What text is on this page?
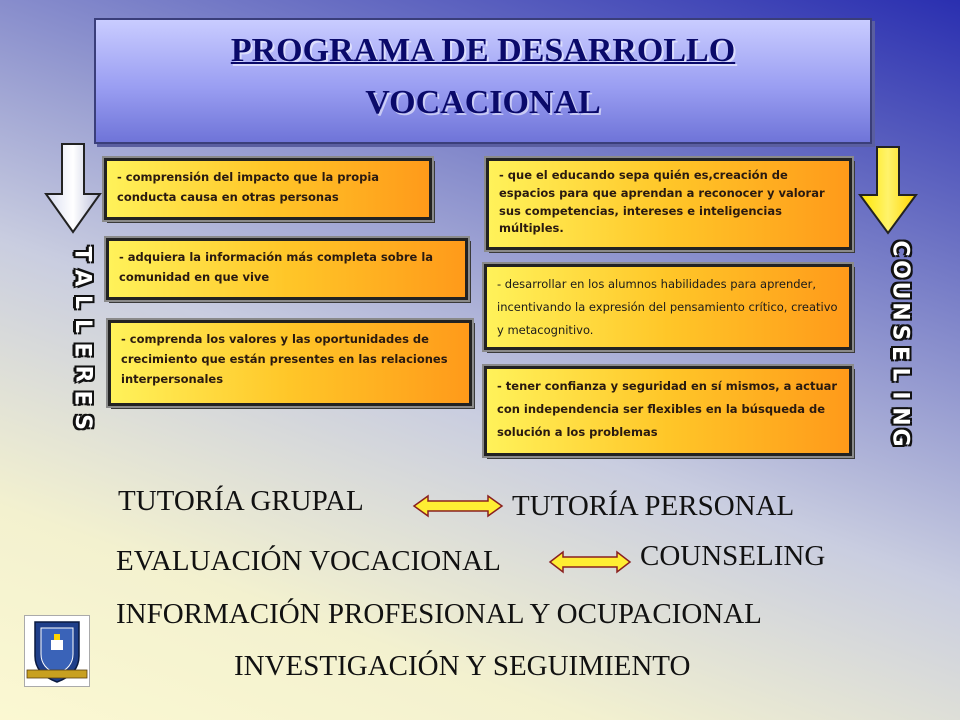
PROGRAMA DE DESARROLLO
VOCACIONAL
T
A
L
L
E
R
E
S
C
O
U
N
S
E
L
I
N
G
- comprensión del impacto que la propia conducta causa en otras personas
- adquiera la información más completa sobre la comunidad en que vive
- comprenda los valores y las oportunidades de crecimiento que están presentes en las relaciones interpersonales
- que el educando sepa quién es,creación de espacios para que aprendan a reconocer y valorar sus competencias, intereses e inteligencias múltiples.
- desarrollar en los alumnos habilidades para aprender, incentivando la expresión del pensamiento crítico, creativo y metacognitivo.
- tener confianza y seguridad en sí mismos, a actuar con independencia ser flexibles en la búsqueda de solución a los problemas
TUTORÍA GRUPAL	TUTORÍA PERSONAL
EVALUACIÓN VOCACIONAL	COUNSELING
INFORMACIÓN PROFESIONAL Y OCUPACIONAL
INVESTIGACIÓN Y SEGUIMIENTO
